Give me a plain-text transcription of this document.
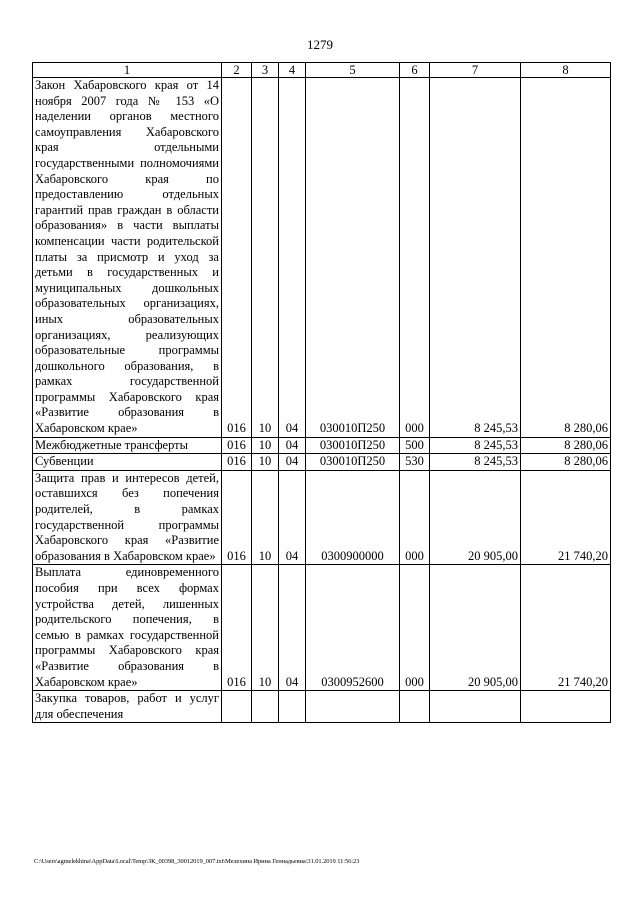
1279
1	2	3	4	5	6	7	8
Закон Хабаровского края от 14 ноября 2007 года № 153 «О наделении органов местного самоуправления Хабаровского края отдельными государственными полномочиями Хабаровского края по предоставлению отдельных гарантий прав граждан в области образования» в части выплаты компенсации части родительской платы за присмотр и уход за детьми в государственных и муниципальных дошкольных образовательных организациях, иных образовательных организациях, реализующих образовательные программы дошкольного образования, в рамках государственной программы Хабаровского края «Развитие образования в Хабаровском крае»	016	10	04	030010П250	000	8 245,53	8 280,06
Межбюджетные трансферты	016	10	04	030010П250	500	8 245,53	8 280,06
Субвенции	016	10	04	030010П250	530	8 245,53	8 280,06
Защита прав и интересов детей, оставшихся без попечения родителей, в рамках государственной программы Хабаровского края «Развитие образования в Хабаровском крае»	016	10	04	0300900000	000	20 905,00	21 740,20
Выплата единовременного пособия при всех формах устройства детей, лишенных родительского попечения, в семью в рамках государственной программы Хабаровского края «Развитие образования в Хабаровском крае»	016	10	04	0300952600	000	20 905,00	21 740,20
Закупка товаров, работ и услуг для обеспечения							
C:\Users\agmelekhina\AppData\Local\Temp\ЗК_00398_30012019_007.txt\Мелехина Ирина Геннадьевна\31.01.2019 11:56:23
